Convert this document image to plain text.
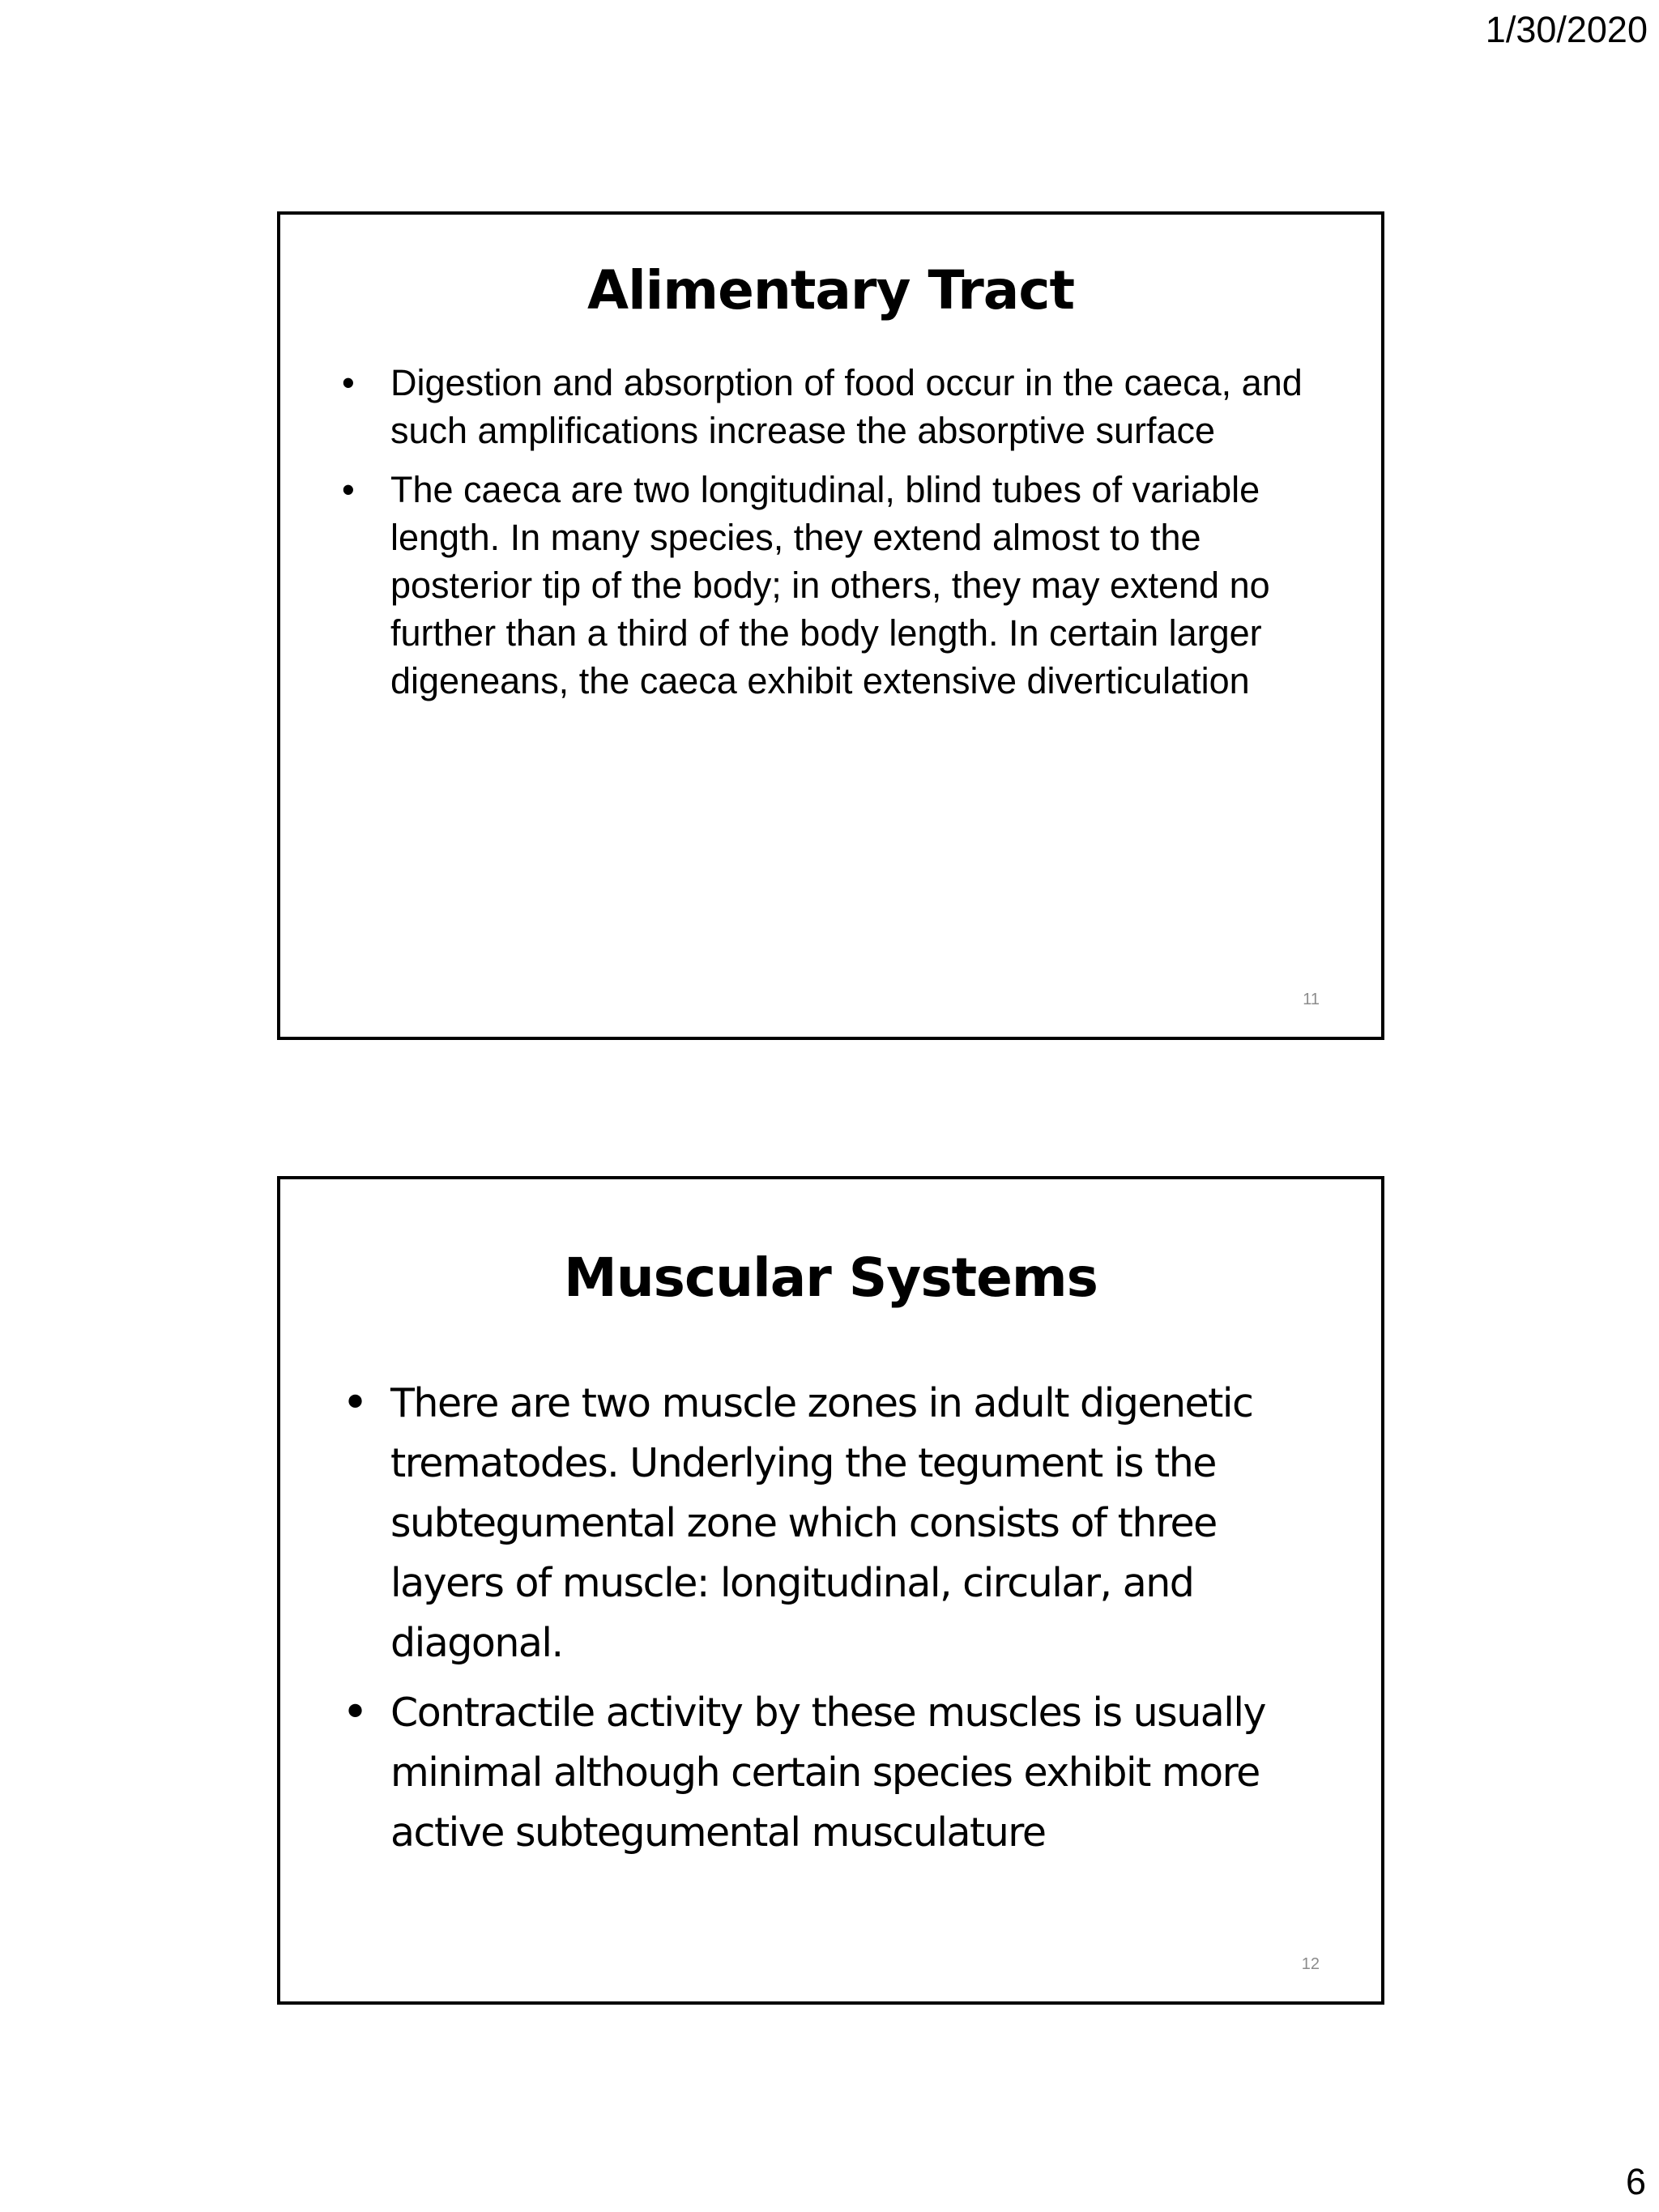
1/30/2020
Alimentary Tract
• Digestion and absorption of food occur in the caeca, and such amplifications increase the absorptive surface
• The caeca are two longitudinal, blind tubes of variable length. In many species, they extend almost to the posterior tip of the body; in others, they may extend no further than a third of the body length. In certain larger digeneans, the caeca exhibit extensive diverticulation
11
Muscular Systems
• There are two muscle zones in adult digenetic trematodes. Underlying the tegument is the subtegumental zone which consists of three layers of muscle: longitudinal, circular, and diagonal.
• Contractile activity by these muscles is usually minimal although certain species exhibit more active subtegumental musculature
12
6
